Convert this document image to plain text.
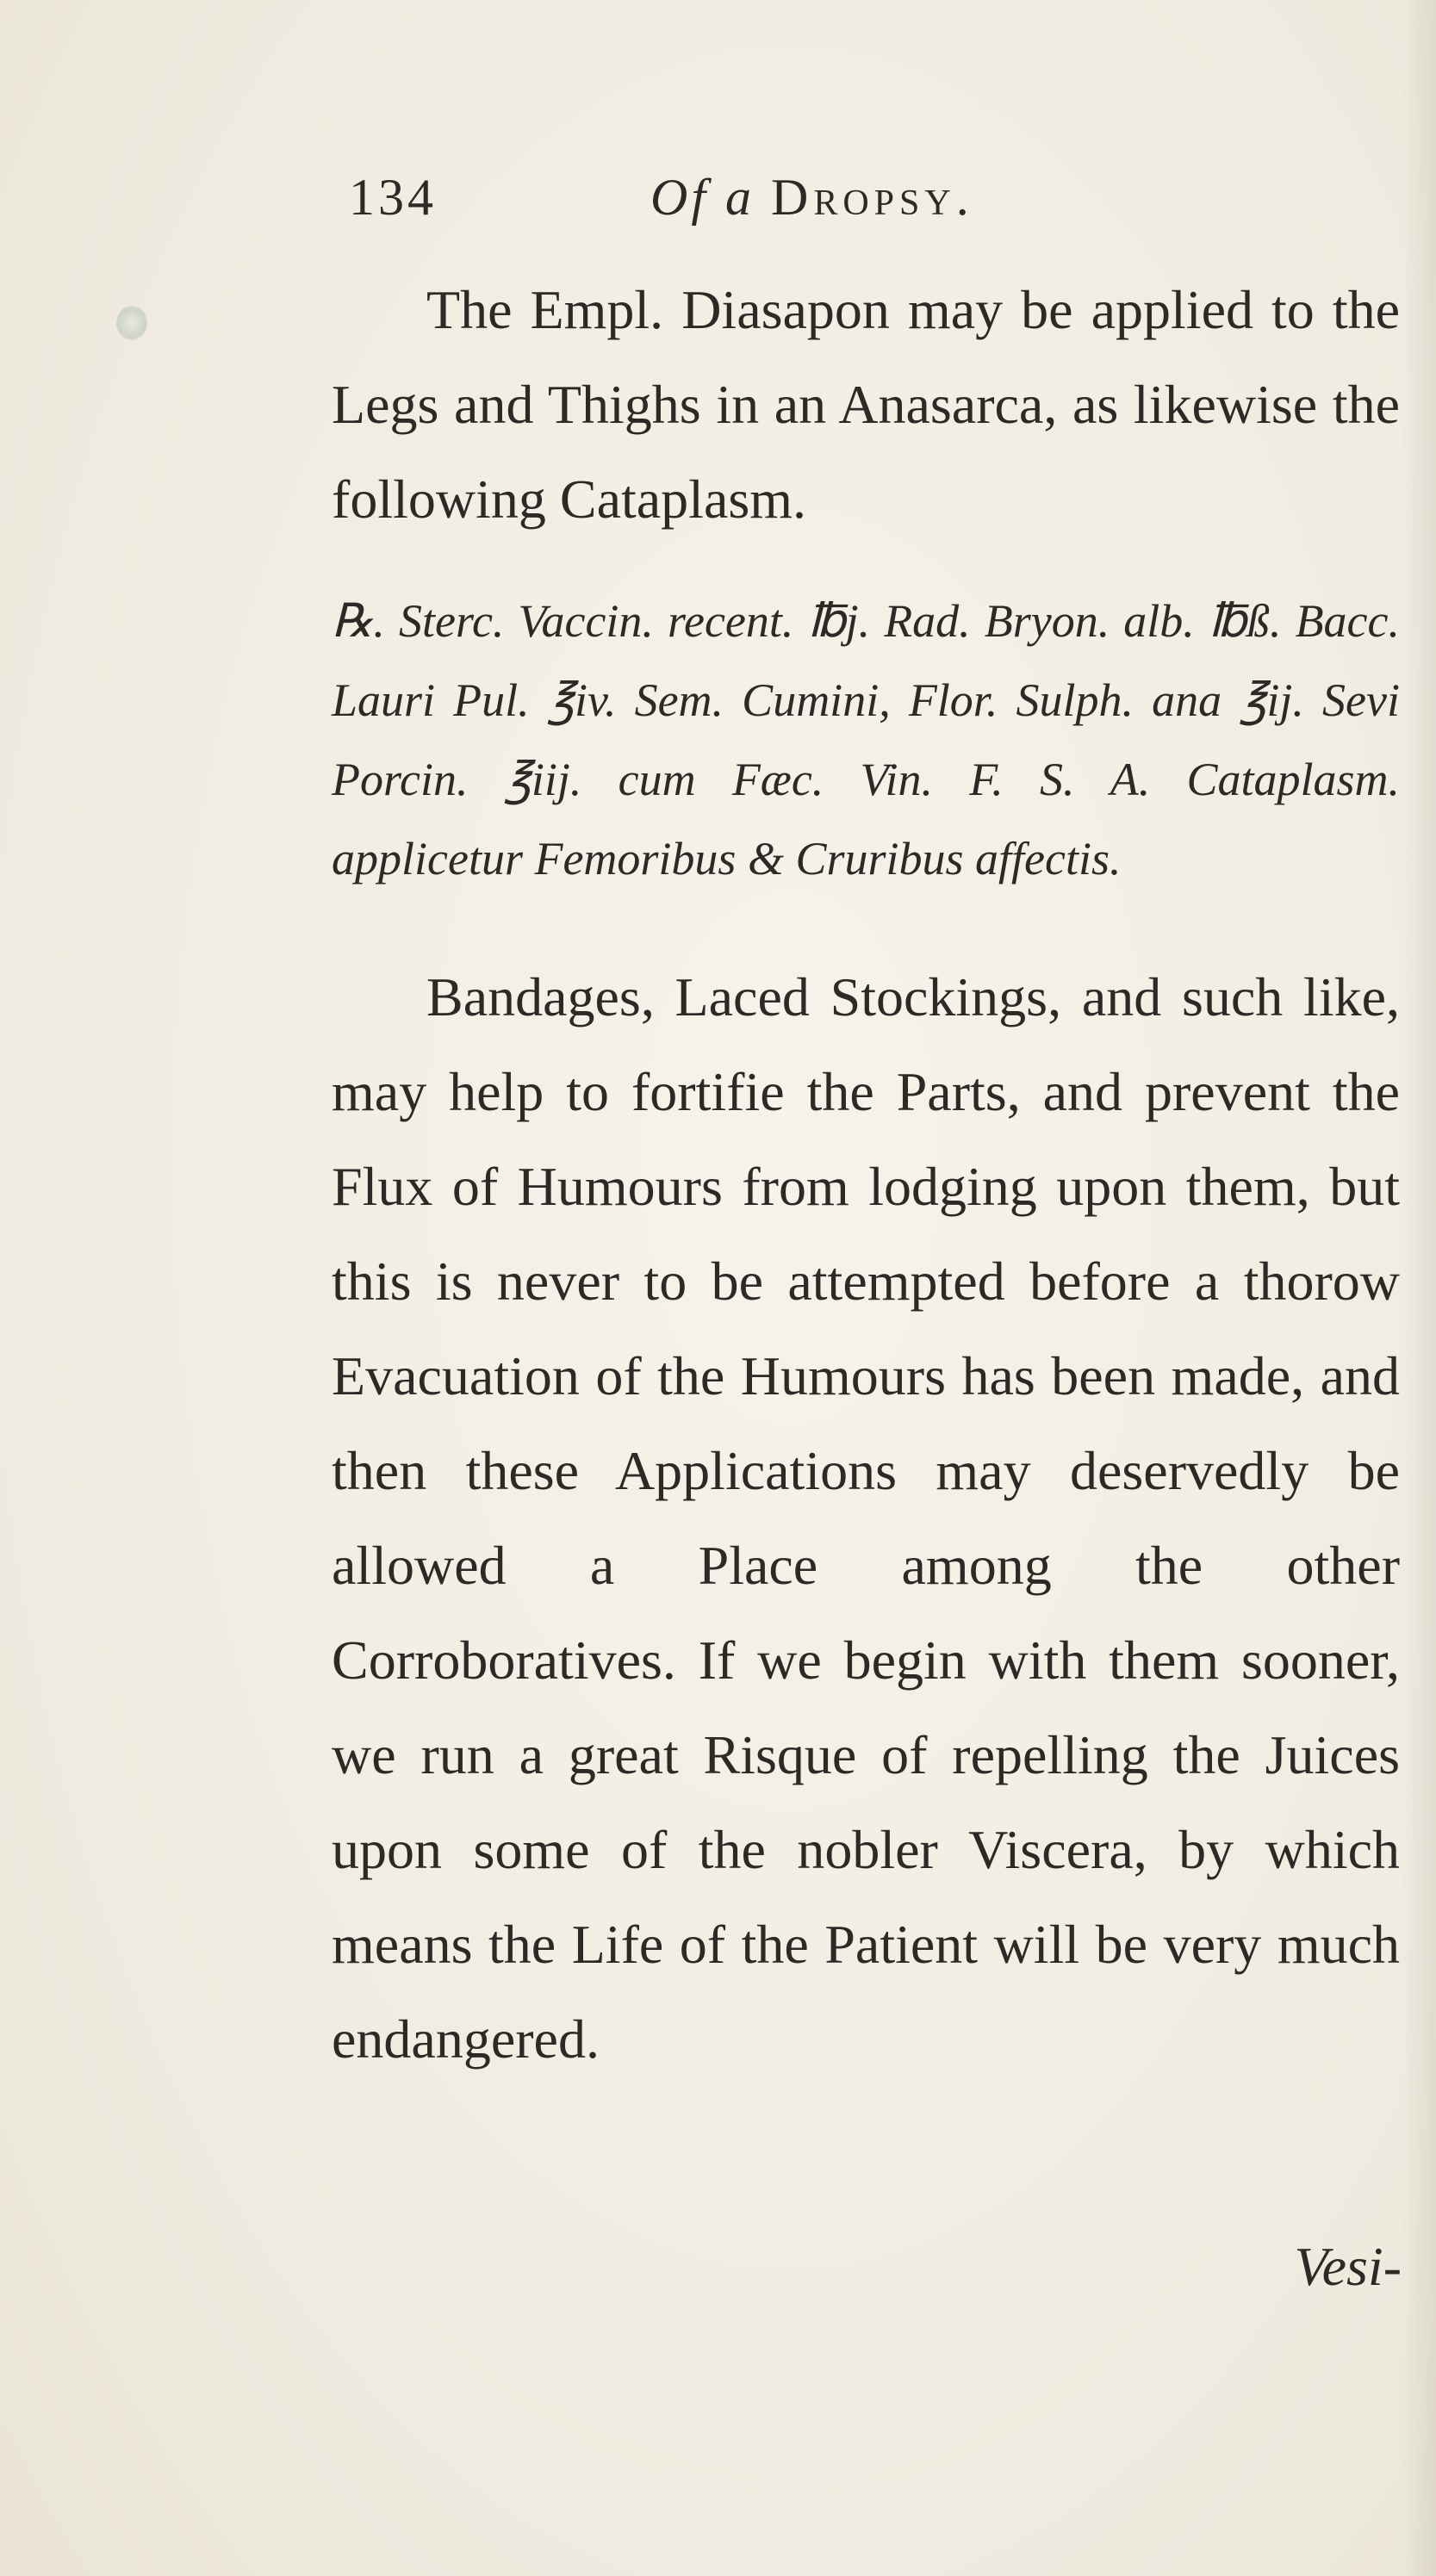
134	Of a Dropsy.

The Empl. Diasapon may be applied to the Legs and Thighs in an Anasarca, as likewise the following Cataplasm.

℞. Sterc. Vaccin. recent. ℔j. Rad. Bryon. alb. ℔ß. Bacc. Lauri Pul. ℥iv. Sem. Cumini, Flor. Sulph. ana ℥ij. Sevi Porcin. ℥iij. cum Fæc. Vin. F. S. A. Cataplasm. applicetur Femoribus & Cruribus affectis.

Bandages, Laced Stockings, and such like, may help to fortifie the Parts, and prevent the Flux of Humours from lodging upon them, but this is never to be attempted before a thorow Evacuation of the Humours has been made, and then these Applications may deservedly be allowed a Place among the other Corroboratives. If we begin with them sooner, we run a great Risque of repelling the Juices upon some of the nobler Viscera, by which means the Life of the Patient will be very much endangered.

Vesi-
